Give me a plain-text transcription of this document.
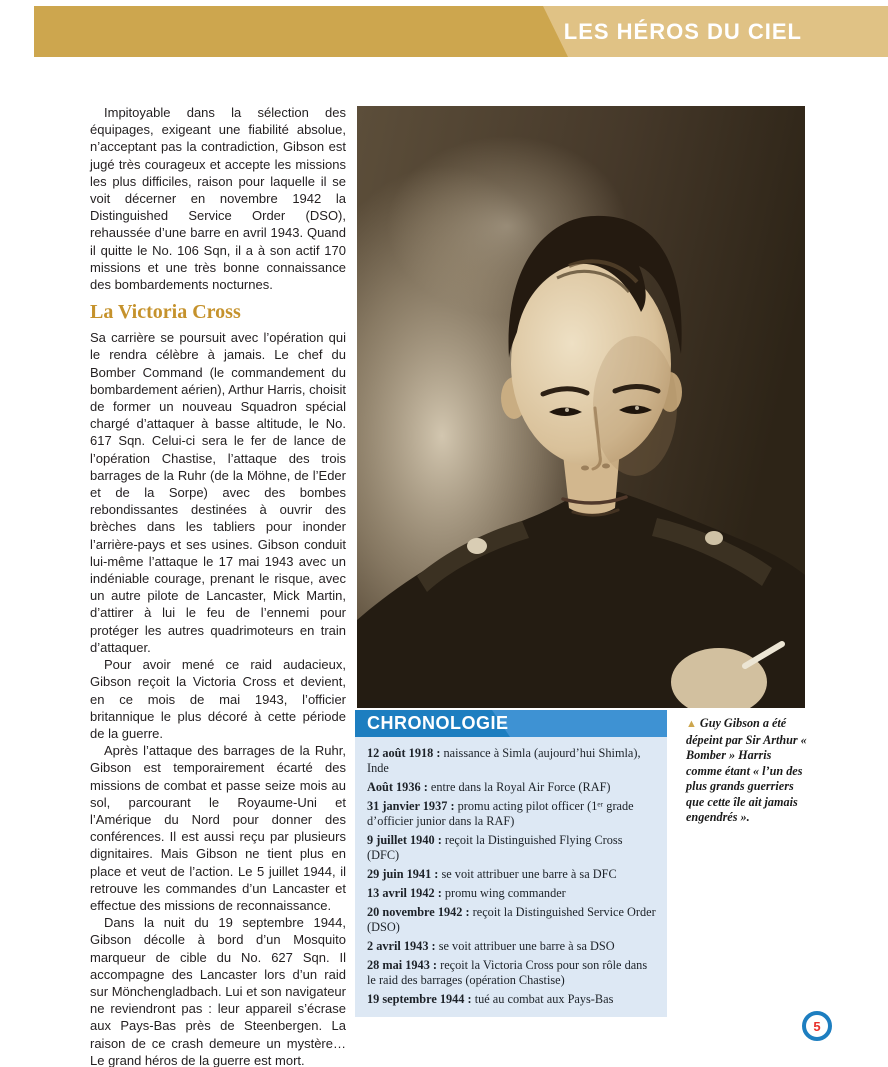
LES HÉROS DU CIEL

Impitoyable dans la sélection des équipages, exigeant une fiabilité absolue, n’acceptant pas la contradiction, Gibson est jugé très courageux et accepte les missions les plus difficiles, raison pour laquelle il se voit décerner en novembre 1942 la Distinguished Service Order (DSO), rehaussée d’une barre en avril 1943. Quand il quitte le No. 106 Sqn, il a à son actif 170 missions et une très bonne connaissance des bombardements nocturnes.

La Victoria Cross

Sa carrière se poursuit avec l’opération qui le rendra célèbre à jamais. Le chef du Bomber Command (le commandement du bombardement aérien), Arthur Harris, choisit de former un nouveau Squadron spécial chargé d’attaquer à basse altitude, le No. 617 Sqn. Celui-ci sera le fer de lance de l’opération Chastise, l’attaque des trois barrages de la Ruhr (de la Möhne, de l’Eder et de la Sorpe) avec des bombes rebondissantes destinées à ouvrir des brèches dans les tabliers pour inonder l’arrière-pays et ses usines. Gibson conduit lui-même l’attaque le 17 mai 1943 avec un indéniable courage, prenant le risque, avec un autre pilote de Lancaster, Mick Martin, d’attirer à lui le feu de l’ennemi pour protéger les autres quadrimoteurs en train d’attaquer.

Pour avoir mené ce raid audacieux, Gibson reçoit la Victoria Cross et devient, en ce mois de mai 1943, l’officier britannique le plus décoré à cette période de la guerre.

Après l’attaque des barrages de la Ruhr, Gibson est temporairement écarté des missions de combat et passe seize mois au sol, parcourant le Royaume-Uni et l’Amérique du Nord pour donner des conférences. Il est aussi reçu par plusieurs dignitaires. Mais Gibson ne tient plus en place et veut de l’action. Le 5 juillet 1944, il retrouve les commandes d’un Lancaster et effectue des missions de reconnaissance.

Dans la nuit du 19 septembre 1944, Gibson décolle à bord d’un Mosquito marqueur de cible du No. 627 Sqn. Il accompagne des Lancaster lors d’un raid sur Mönchengladbach. Lui et son navigateur ne reviendront pas : leur appareil s’écrase aux Pays-Bas près de Steenbergen. La raison de ce crash demeure un mystère… Le grand héros de la guerre est mort.

CHRONOLOGIE
12 août 1918 : naissance à Simla (aujourd’hui Shimla), Inde
Août 1936 : entre dans la Royal Air Force (RAF)
31 janvier 1937 : promu acting pilot officer (1ᵉʳ grade d’officier junior dans la RAF)
9 juillet 1940 : reçoit la Distinguished Flying Cross (DFC)
29 juin 1941 : se voit attribuer une barre à sa DFC
13 avril 1942 : promu wing commander
20 novembre 1942 : reçoit la Distinguished Service Order (DSO)
2 avril 1943 : se voit attribuer une barre à sa DSO
28 mai 1943 : reçoit la Victoria Cross pour son rôle dans le raid des barrages (opération Chastise)
19 septembre 1944 : tué au combat aux Pays-Bas
▲ Guy Gibson a été dépeint par Sir Arthur « Bomber » Harris comme étant « l’un des plus grands guerriers que cette île ait jamais engendrés ».
5
